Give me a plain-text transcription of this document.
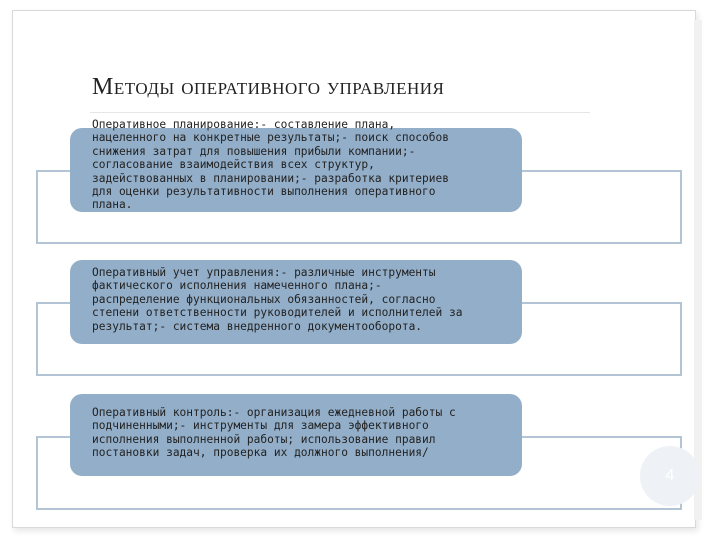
Методы оперативного управления
Оперативное планирование:- составление плана,
нацеленного на конкретные результаты;- поиск способов
снижения затрат для повышения прибыли компании;-
согласование взаимодействия всех структур,
задействованных в планировании;- разработка критериев
для оценки результативности выполнения оперативного
плана.
Оперативный учет управления:- различные инструменты
фактического исполнения намеченного плана;-
распределение функциональных обязанностей, согласно
степени ответственности руководителей и исполнителей за
результат;- система внедренного документооборота.
Оперативный контроль:- организация ежедневной работы с
подчиненными;- инструменты для замера эффективного
исполнения выполненной работы; использование правил
постановки задач, проверка их должного выполнения/
4
